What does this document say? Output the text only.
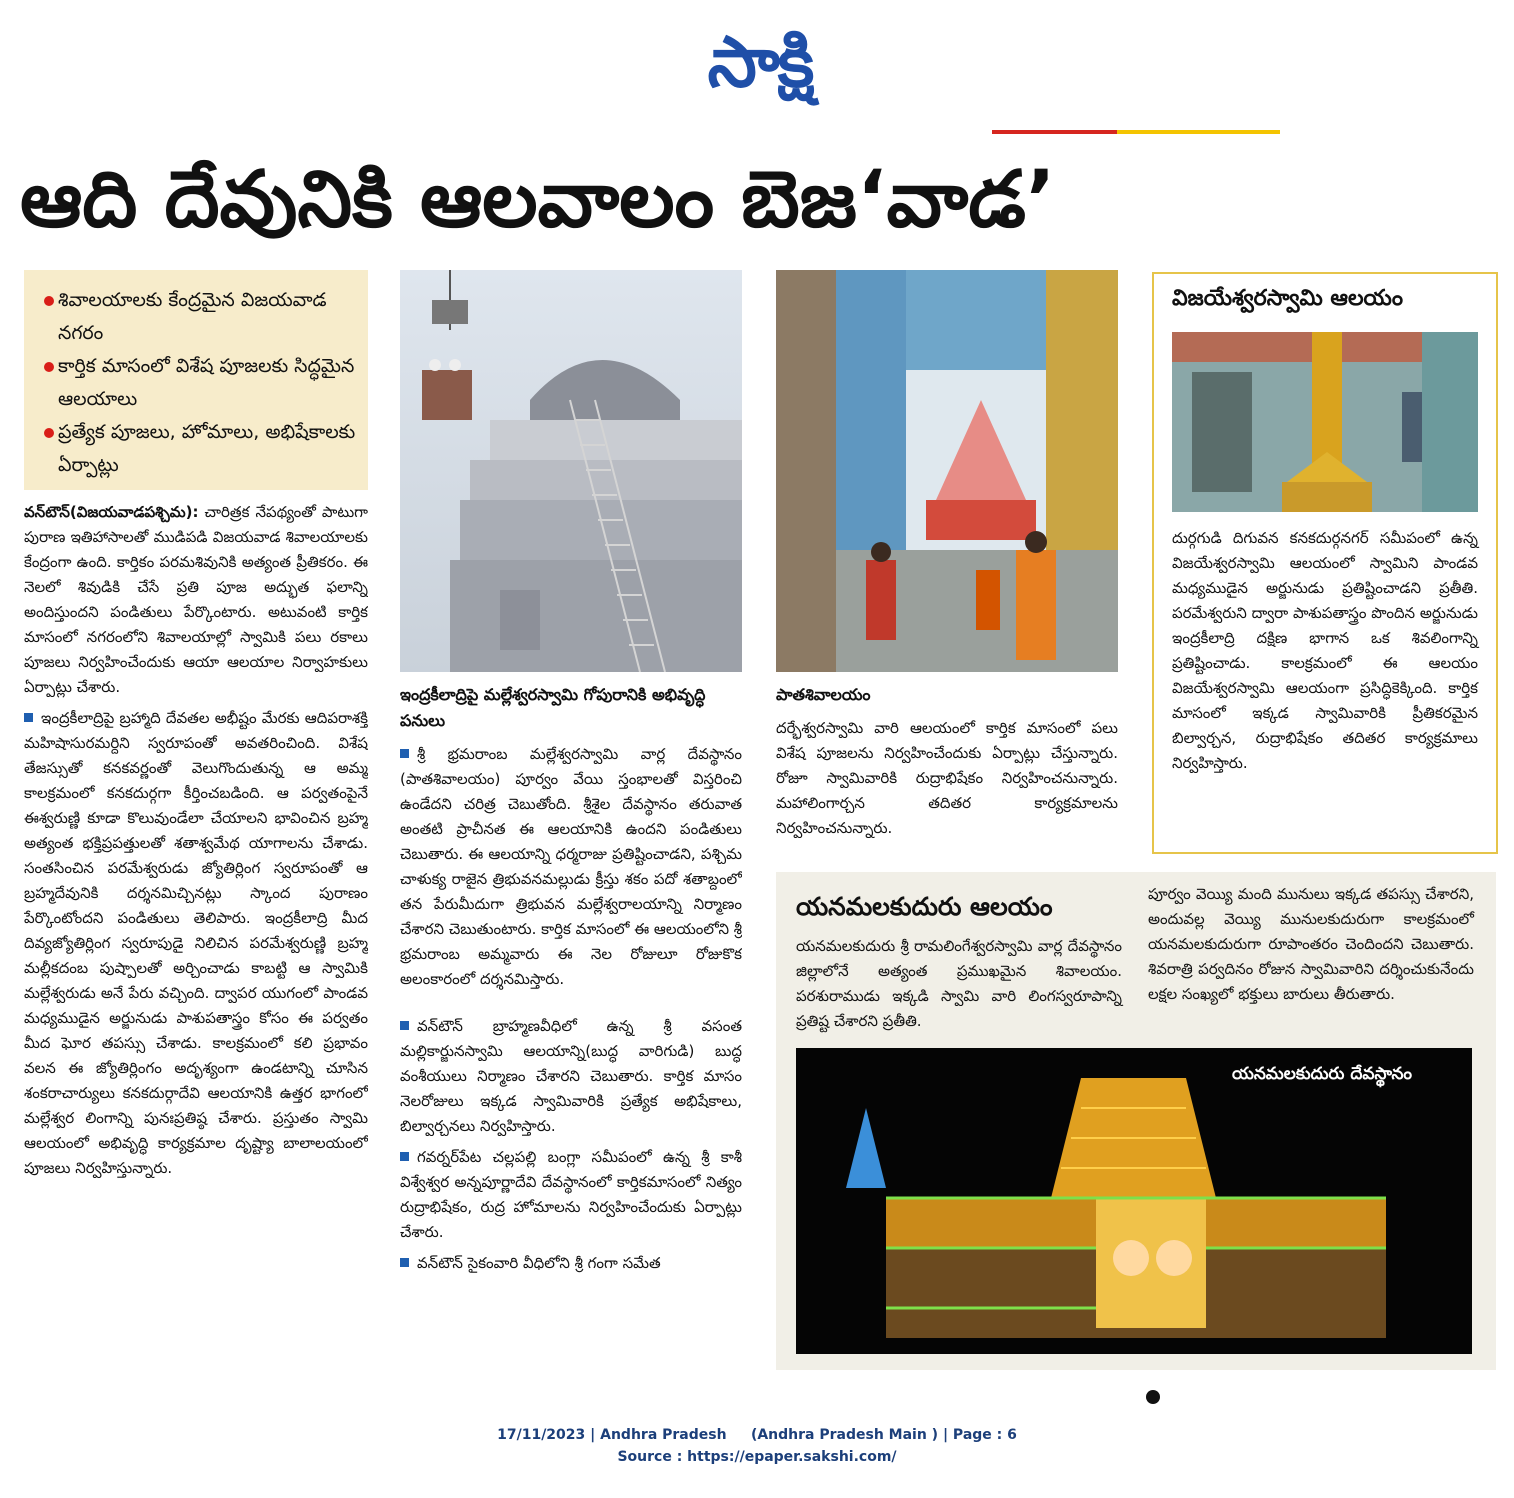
సాక్షి
ఆది దేవునికి ఆలవాలం బెజ‘వాడ’
శివాలయాలకు కేంద్రమైన విజయవాడ నగరం
కార్తిక మాసంలో విశేష పూజలకు సిద్ధమైన ఆలయాలు
ప్రత్యేక పూజలు, హోమాలు, అభిషేకాలకు ఏర్పాట్లు

వన్‌టౌన్‌(విజయవాడపశ్చిమ): చారిత్రక నేపథ్యంతో పాటుగా పురాణ ఇతిహాసాలతో ముడిపడి విజయవాడ శివాలయాలకు కేంద్రంగా ఉంది. కార్తికం పరమశివునికి అత్యంత ప్రీతికరం. ఈ నెలలో శివుడికి చేసే ప్రతి పూజ అద్భుత ఫలాన్ని అందిస్తుందని పండితులు పేర్కొంటారు. అటువంటి కార్తిక మాసంలో నగరంలోని శివాలయాల్లో స్వామికి పలు రకాలు పూజలు నిర్వహించేందుకు ఆయా ఆలయాల నిర్వాహకులు ఏర్పాట్లు చేశారు.

ఇంద్రకీలాద్రిపై బ్రహ్మాది దేవతల అభీష్టం మేరకు ఆదిపరాశక్తి మహిషాసురమర్దిని స్వరూపంతో అవతరించింది. విశేష తేజస్సుతో కనకవర్ణంతో వెలుగొందుతున్న ఆ అమ్మ కాలక్రమంలో కనకదుర్గగా కీర్తించబడింది. ఆ పర్వతంపైనే ఈశ్వరుణ్ణి కూడా కొలువుండేలా చేయాలని భావించిన బ్రహ్మ అత్యంత భక్తిప్రపత్తులతో శతాశ్వమేథ యాగాలను చేశాడు. సంతసించిన పరమేశ్వరుడు జ్యోతిర్లింగ స్వరూపంతో ఆ బ్రహ్మదేవునికి దర్శనమిచ్చినట్లు స్కాంద పురాణం పేర్కొంటోందని పండితులు తెలిపారు. ఇంద్రకీలాద్రి మీద దివ్యజ్యోతిర్లింగ స్వరూపుడై నిలిచిన పరమేశ్వరుణ్ణి బ్రహ్మ మల్లీకదంబ పుష్పాలతో అర్చించాడు కాబట్టి ఆ స్వామికి మల్లేశ్వరుడు అనే పేరు వచ్చింది. ద్వాపర యుగంలో పాండవ మధ్యముడైన అర్జునుడు పాశుపతాస్త్రం కోసం ఈ పర్వతం మీద ఘోర తపస్సు చేశాడు. కాలక్రమంలో కలి ప్రభావం వలన ఈ జ్యోతిర్లింగం అదృశ్యంగా ఉండటాన్ని చూసిన శంకరాచార్యులు కనకదుర్గాదేవి ఆలయానికి ఉత్తర భాగంలో మల్లేశ్వర లింగాన్ని పునఃప్రతిష్ఠ చేశారు. ప్రస్తుతం స్వామి ఆలయంలో అభివృద్ధి కార్యక్రమాల దృష్ట్యా బాలాలయంలో పూజలు నిర్వహిస్తున్నారు.

ఇంద్రకీలాద్రిపై మల్లేశ్వరస్వామి గోపురానికి అభివృద్ధి పనులు

శ్రీ భ్రమరాంబ మల్లేశ్వరస్వామి వార్ల దేవస్థానం (పాతశివాలయం) పూర్వం వేయి స్తంభాలతో విస్తరించి ఉండేదని చరిత్ర చెబుతోంది. శ్రీశైల దేవస్థానం తరువాత అంతటి ప్రాచీనత ఈ ఆలయానికి ఉందని పండితులు చెబుతారు. ఈ ఆలయాన్ని ధర్మరాజు ప్రతిష్టించాడని, పశ్చిమ చాళుక్య రాజైన త్రిభువనమల్లుడు క్రీస్తు శకం పదో శతాబ్దంలో తన పేరుమీదుగా త్రిభువన మల్లేశ్వరాలయాన్ని నిర్మాణం చేశారని చెబుతుంటారు. కార్తిక మాసంలో ఈ ఆలయంలోని శ్రీ భ్రమరాంబ అమ్మవారు ఈ నెల రోజులూ రోజుకొక అలంకారంలో దర్శనమిస్తారు.

వన్‌టౌన్‌ బ్రాహ్మణవీధిలో ఉన్న శ్రీ వసంత మల్లికార్జునస్వామి ఆలయాన్ని(బుద్ధ వారిగుడి) బుద్ధ వంశీయులు నిర్మాణం చేశారని చెబుతారు. కార్తిక మాసం నెలరోజులు ఇక్కడ స్వామివారికి ప్రత్యేక అభిషేకాలు, బిల్వార్చనలు నిర్వహిస్తారు.

గవర్నర్‌పేట చల్లపల్లి బంగ్లా సమీపంలో ఉన్న శ్రీ కాశీ విశ్వేశ్వర అన్నపూర్ణాదేవి దేవస్థానంలో కార్తికమాసంలో నిత్యం రుద్రాభిషేకం, రుద్ర హోమాలను నిర్వహించేందుకు ఏర్పాట్లు చేశారు.

వన్‌టౌన్‌ సైకంవారి వీధిలోని శ్రీ గంగా సమేత

పాతశివాలయం

దర్భేశ్వరస్వామి వారి ఆలయంలో కార్తిక మాసంలో పలు విశేష పూజలను నిర్వహించేందుకు ఏర్పాట్లు చేస్తున్నారు. రోజూ స్వామివారికి రుద్రాభిషేకం నిర్వహించనున్నారు. మహాలింగార్చన తదితర కార్యక్రమాలను నిర్వహించనున్నారు.

విజయేశ్వరస్వామి ఆలయం
దుర్గగుడి దిగువన కనకదుర్గనగర్ సమీపంలో ఉన్న విజయేశ్వరస్వామి ఆలయంలో స్వామిని పాండవ మధ్యముడైన అర్జునుడు ప్రతిష్టించాడని ప్రతీతి. పరమేశ్వరుని ద్వారా పాశుపతాస్త్రం పొందిన అర్జునుడు ఇంద్రకీలాద్రి దక్షిణ భాగాన ఒక శివలింగాన్ని ప్రతిష్టించాడు. కాలక్రమంలో ఈ ఆలయం విజయేశ్వరస్వామి ఆలయంగా ప్రసిద్ధికెక్కింది. కార్తిక మాసంలో ఇక్కడ స్వామివారికి ప్రీతికరమైన బిల్వార్చన, రుద్రాభిషేకం తదితర కార్యక్రమాలు నిర్వహిస్తారు.
యనమలకుదురు ఆలయం
యనమలకుదురు శ్రీ రామలింగేశ్వరస్వామి వార్ల దేవస్థానం జిల్లాలోనే అత్యంత ప్రముఖమైన శివాలయం. పరశురాముడు ఇక్కడి స్వామి వారి లింగస్వరూపాన్ని ప్రతిష్ట చేశారని ప్రతీతి.
పూర్వం వెయ్యి మంది మునులు ఇక్కడ తపస్సు చేశారని, అందువల్ల వెయ్యి మునులకుదురుగా కాలక్రమంలో యనమలకుదురుగా రూపాంతరం చెందిందని చెబుతారు. శివరాత్రి పర్వదినం రోజున స్వామివారిని దర్శించుకునేందు లక్షల సంఖ్యలో భక్తులు బారులు తీరుతారు.
యనమలకుదురు దేవస్థానం
17/11/2023 | Andhra Pradesh     (Andhra Pradesh Main ) | Page : 6
Source : https://epaper.sakshi.com/
